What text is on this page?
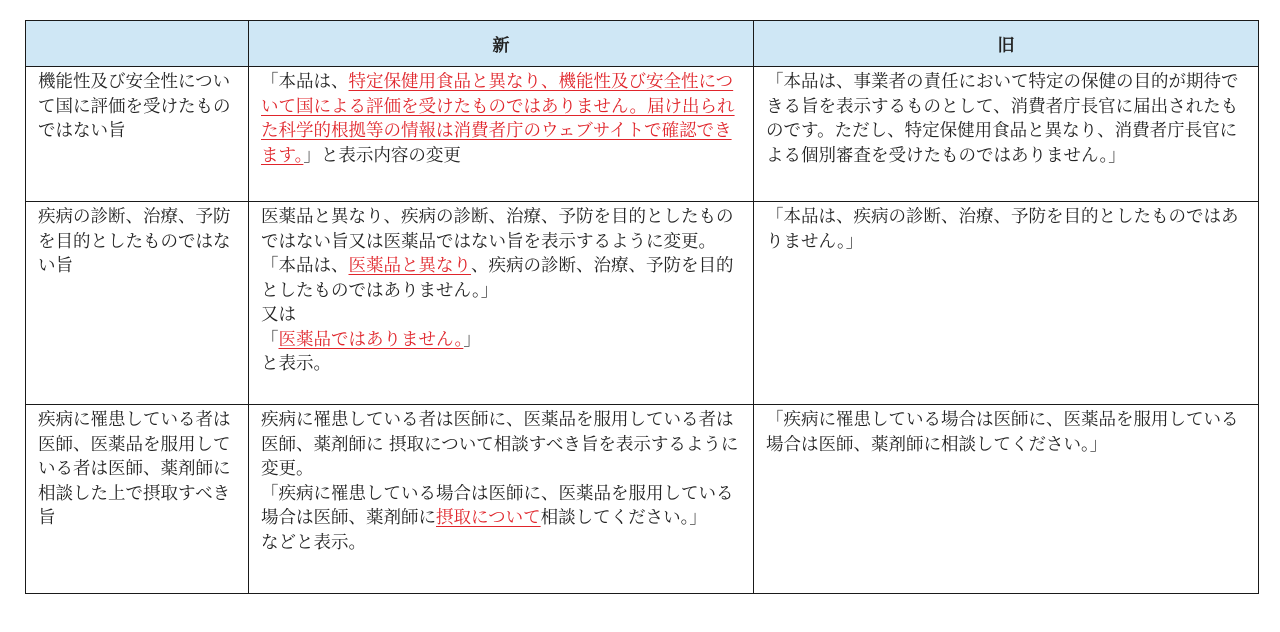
	新	旧
機能性及び安全性について国に評価を受けたものではない旨	「本品は、特定保健用食品と異なり、機能性及び安全性について国による評価を受けたものではありません。届け出られた科学的根拠等の情報は消費者庁のウェブサイトで確認できます。」と表示内容の変更	「本品は、事業者の責任において特定の保健の目的が期待できる旨を表示するものとして、消費者庁長官に届出されたものです。ただし、特定保健用食品と異なり、消費者庁長官による個別審査を受けたものではありません。」
疾病の診断、治療、予防を目的としたものではない旨	医薬品と異なり、疾病の診断、治療、予防を目的としたものではない旨又は医薬品ではない旨を表示するように変更。

「本品は、医薬品と異なり、疾病の診断、治療、予防を目的としたものではありません。」

又は

「医薬品ではありません。」

と表示。	「本品は、疾病の診断、治療、予防を目的としたものではありません。」
疾病に罹患している者は医師、医薬品を服用している者は医師、薬剤師に相談した上で摂取すべき旨	疾病に罹患している者は医師に、医薬品を服用している者は医師、薬剤師に 摂取について相談すべき旨を表示するように変更。

「疾病に罹患している場合は医師に、医薬品を服用している場合は医師、薬剤師に摂取について相談してください。」

などと表示。	「疾病に罹患している場合は医師に、医薬品を服用している場合は医師、薬剤師に相談してください。」
